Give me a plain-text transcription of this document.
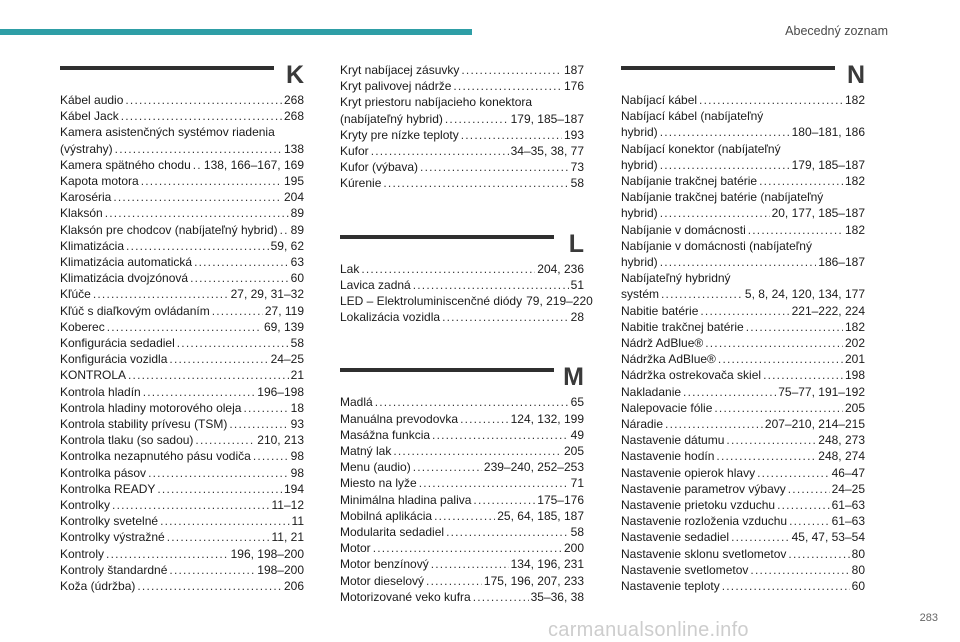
Abecedný zoznam
K
Kábel audio .....	268
Kábel Jack .....	268
Kamera asistenčných systémov riadenia
(výstrahy) .....	138
Kamera spätného chodu ..... 138, 166–167, 169
Kapota motora .....	195
Karoséria .....	204
Klaksón .....	89
Klaksón pre chodcov (nabíjateľný hybrid) ..... 89
Klimatizácia .....	59, 62
Klimatizácia automatická .....	63
Klimatizácia dvojzónová .....	60
Kľúče .....	27, 29, 31–32
Kľúč s diaľkovým ovládaním .....	27, 119
Koberec .....	69, 139
Konfigurácia sedadiel .....	58
Konfigurácia vozidla .....	24–25
KONTROLA .....	21
Kontrola hladín .....	196–198
Kontrola hladiny motorového oleja .....	18
Kontrola stability prívesu (TSM) .....	93
Kontrola tlaku (so sadou) .....	210, 213
Kontrolka nezapnutého pásu vodiča .....	98
Kontrolka pásov .....	98
Kontrolka READY .....	194
Kontrolky .....	11–12
Kontrolky svetelné .....	11
Kontrolky výstražné .....	11, 21
Kontroly .....	196, 198–200
Kontroly štandardné .....	198–200
Koža (údržba) .....	206
Kryt nabíjacej zásuvky .....	187
Kryt palivovej nádrže .....	176
Kryt priestoru nabíjacieho konektora
(nabíjateľný hybrid) .....	179, 185–187
Kryty pre nízke teploty .....	193
Kufor .....	34–35, 38, 77
Kufor (výbava) .....	73
Kúrenie .....	58
L
Lak .....	204, 236
Lavica zadná .....	51
LED – Elektroluminiscenčné diódy 79, 219–220
Lokalizácia vozidla .....	28
M
Madlá .....	65
Manuálna prevodovka .....	124, 132, 199
Masážna funkcia .....	49
Matný lak .....	205
Menu (audio) .....	239–240, 252–253
Miesto na lyže .....	71
Minimálna hladina paliva .....	175–176
Mobilná aplikácia .....	25, 64, 185, 187
Modularita sedadiel .....	58
Motor .....	200
Motor benzínový .....	134, 196, 231
Motor dieselový .....	175, 196, 207, 233
Motorizované veko kufra .....	35–36, 38
N
Nabíjací kábel .....	182
Nabíjací kábel (nabíjateľný
hybrid) .....	180–181, 186
Nabíjací konektor (nabíjateľný
hybrid) .....	179, 185–187
Nabíjanie trakčnej batérie .....	182
Nabíjanie trakčnej batérie (nabíjateľný
hybrid) .....	20, 177, 185–187
Nabíjanie v domácnosti .....	182
Nabíjanie v domácnosti (nabíjateľný
hybrid) .....	186–187
Nabíjateľný hybridný
systém .....	5, 8, 24, 120, 134, 177
Nabitie batérie .....	221–222, 224
Nabitie trakčnej batérie .....	182
Nádrž AdBlue® .....	202
Nádržka AdBlue® .....	201
Nádržka ostrekovača skiel .....	198
Nakladanie .....	75–77, 191–192
Nalepovacie fólie .....	205
Náradie .....	207–210, 214–215
Nastavenie dátumu .....	248, 273
Nastavenie hodín .....	248, 274
Nastavenie opierok hlavy .....	46–47
Nastavenie parametrov výbavy .....	24–25
Nastavenie prietoku vzduchu .....	61–63
Nastavenie rozloženia vzduchu .....	61–63
Nastavenie sedadiel .....	45, 47, 53–54
Nastavenie sklonu svetlometov .....	80
Nastavenie svetlometov .....	80
Nastavenie teploty .....	60
283
carmanualsonline.info
